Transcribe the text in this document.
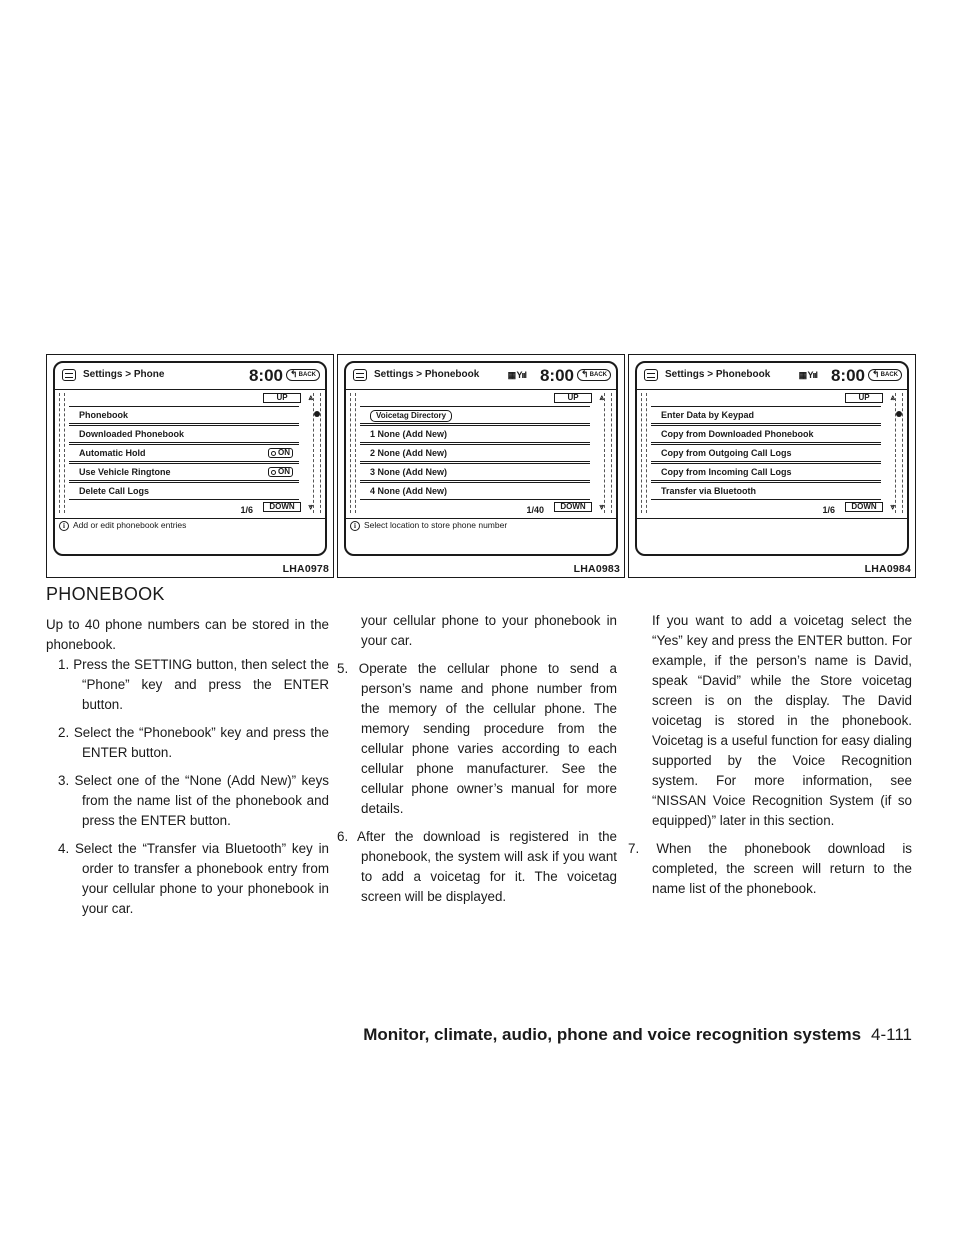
Settings > Phone	8:00	↰ BACK
UP
Phonebook
Downloaded Phonebook
Automatic Hold	ON
Use Vehicle Ringtone	ON
Delete Call Logs
1/6	DOWN
⩓
⩔
i Add or edit phonebook entries
LHA0978
Settings > Phonebook	▦ Yııl 8:00	↰ BACK
UP
Voicetag Directory
1 None (Add New)
2 None (Add New)
3 None (Add New)
4 None (Add New)
1/40	DOWN
⩓
⩔
i Select location to store phone number
LHA0983
Settings > Phonebook	▦ Yııl 8:00	↰ BACK
UP
Enter Data by Keypad
Copy from Downloaded Phonebook
Copy from Outgoing Call Logs
Copy from Incoming Call Logs
Transfer via Bluetooth
1/6	DOWN
⩓
⩔
LHA0984
PHONEBOOK

Up to 40 phone numbers can be stored in the phonebook.

1. Press the SETTING button, then select the “Phone” key and press the ENTER button.

2. Select the “Phonebook” key and press the ENTER button.

3. Select one of the “None (Add New)” keys from the name list of the phonebook and press the ENTER button.

4. Select the “Transfer via Bluetooth” key in order to transfer a phonebook entry from your cellular phone to your phonebook in your car.

your cellular phone to your phonebook in your car.

5. Operate the cellular phone to send a person’s name and phone number from the memory of the cellular phone. The memory sending procedure from the cellular phone varies according to each cellular phone manufacturer. See the cellular phone owner’s manual for more details.

6. After the download is registered in the phonebook, the system will ask if you want to add a voicetag for it. The voicetag screen will be displayed.

If you want to add a voicetag select the “Yes” key and press the ENTER button. For example, if the person’s name is David, speak “David” while the Store voicetag screen is on the display. The David voicetag is stored in the phonebook. Voicetag is a useful function for easy dialing supported by the Voice Recognition system. For more information, see “NISSAN Voice Recognition System (if so equipped)” later in this section.

7. When the phonebook download is completed, the screen will return to the name list of the phonebook.

Monitor, climate, audio, phone and voice recognition systems 4-111
